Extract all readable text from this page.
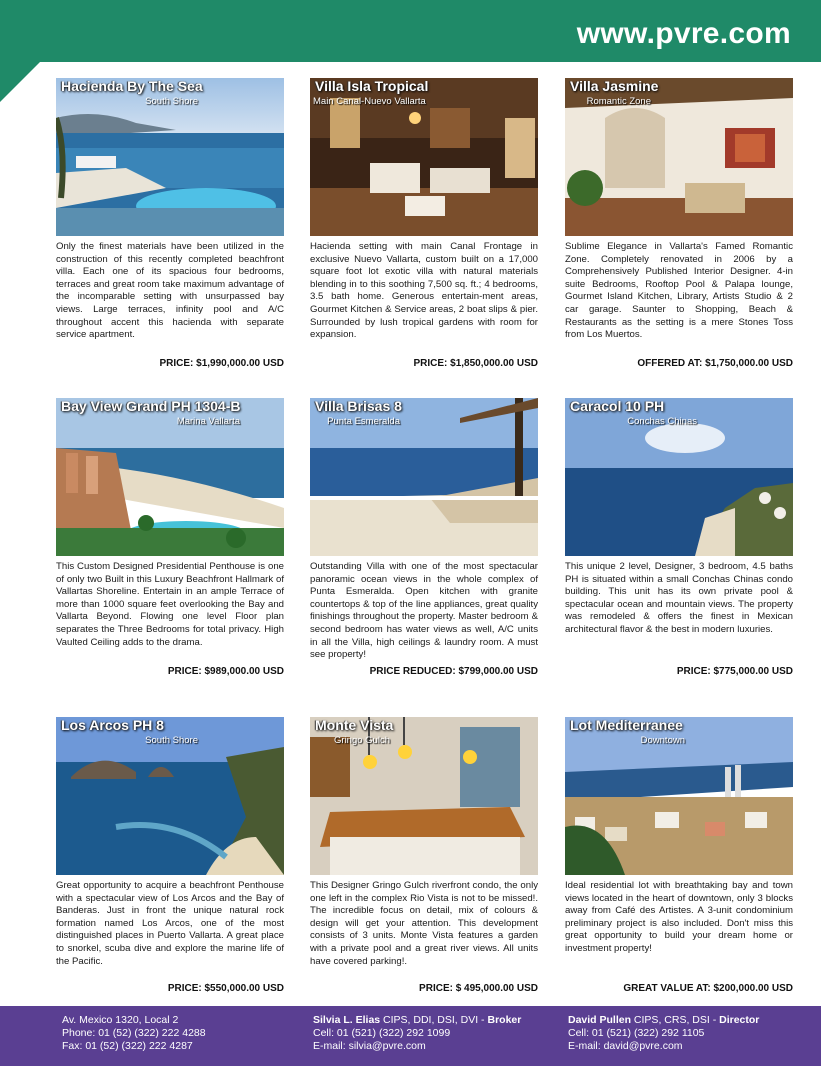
www.pvre.com
Hacienda By The Sea
South Shore
Only the finest materials have been utilized in the construction of this recently completed beachfront villa. Each one of its spacious four bedrooms, terraces and great room take maximum advantage of the incomparable setting with unsurpassed bay views. Large terraces, infinity pool and A/C throughout accent this hacienda with separate service apartment.
PRICE: $1,990,000.00 USD
Villa Isla Tropical
Main Canal-Nuevo Vallarta
Hacienda setting with main Canal Frontage in exclusive Nuevo Vallarta, custom built on a 17,000 square foot lot exotic villa with natural materials blending in to this soothing 7,500 sq. ft.; 4 bedrooms, 3.5 bath home. Generous entertain-ment areas, Gourmet Kitchen & Service areas, 2 boat slips & pier. Surrounded by lush tropical gardens with room for expansion.
PRICE: $1,850,000.00 USD
Villa Jasmine
Romantic Zone
Sublime Elegance in Vallarta's Famed Romantic Zone. Completely renovated in 2006 by a Comprehensively Published Interior Designer. 4-in suite Bedrooms, Rooftop Pool & Palapa lounge, Gourmet Island Kitchen, Library, Artists Studio & 2 car garage. Saunter to Shopping, Beach & Restaurants as the setting is a mere Stones Toss from Los Muertos.
OFFERED AT: $1,750,000.00 USD
Bay View Grand PH 1304-B
Marina Vallarta
This Custom Designed Presidential Penthouse is one of only two Built in this Luxury Beachfront Hallmark of Vallartas Shoreline. Entertain in an ample Terrace of more than 1000 square feet overlooking the Bay and Vallarta Beyond. Flowing one level Floor plan separates the Three Bedrooms for total privacy. High Vaulted Ceiling adds to the drama.
PRICE: $989,000.00 USD
Villa Brisas 8
Punta Esmeralda
Outstanding Villa with one of the most spectacular panoramic ocean views in the whole complex of Punta Esmeralda. Open kitchen with granite countertops & top of the line appliances, great quality finishings throughout the property. Master bedroom & second bedroom has water views as well, A/C units in all the Villa, high ceilings & laundry room. A must see property!
PRICE REDUCED: $799,000.00 USD
Caracol 10 PH
Conchas Chinas
This unique 2 level, Designer, 3 bedroom, 4.5 baths PH is situated within a small Conchas Chinas condo building. This unit has its own private pool & spectacular ocean and mountain views. The property was remodeled & offers the finest in Mexican architectural flavor & the best in modern luxuries.
PRICE: $775,000.00 USD
Los Arcos PH 8
South Shore
Great opportunity to acquire a beachfront Penthouse with a spectacular view of Los Arcos and the Bay of Banderas. Just in front the unique natural rock formation named Los Arcos, one of the most distinguished places in Puerto Vallarta. A great place to snorkel, scuba dive and explore the marine life of the Pacific.
PRICE: $550,000.00 USD
Monte Vista
Gringo Gulch
This Designer Gringo Gulch riverfront condo, the only one left in the complex Rio Vista is not to be missed!. The incredible focus on detail, mix of colours & design will get your attention. This development consists of 3 units. Monte Vista features a garden with a private pool and a great river views. All units have covered parking!.
PRICE: $ 495,000.00 USD
Lot Mediterranee
Downtown
Ideal residential lot with breathtaking bay and town views located in the heart of downtown, only 3 blocks away from Café des Artistes. A 3-unit condominium preliminary project is also included. Don't miss this great opportunity to build your dream home or investment property!
GREAT VALUE AT: $200,000.00 USD
Av. Mexico 1320, Local 2
Phone: 01 (52) (322) 222 4288
Fax: 01 (52) (322) 222 4287
Silvia L. Elias CIPS, DDI, DSI, DVI - Broker
Cell: 01 (521) (322) 292 1099
E-mail: silvia@pvre.com
David Pullen CIPS, CRS, DSI - Director
Cell: 01 (521) (322) 292 1105
E-mail: david@pvre.com
